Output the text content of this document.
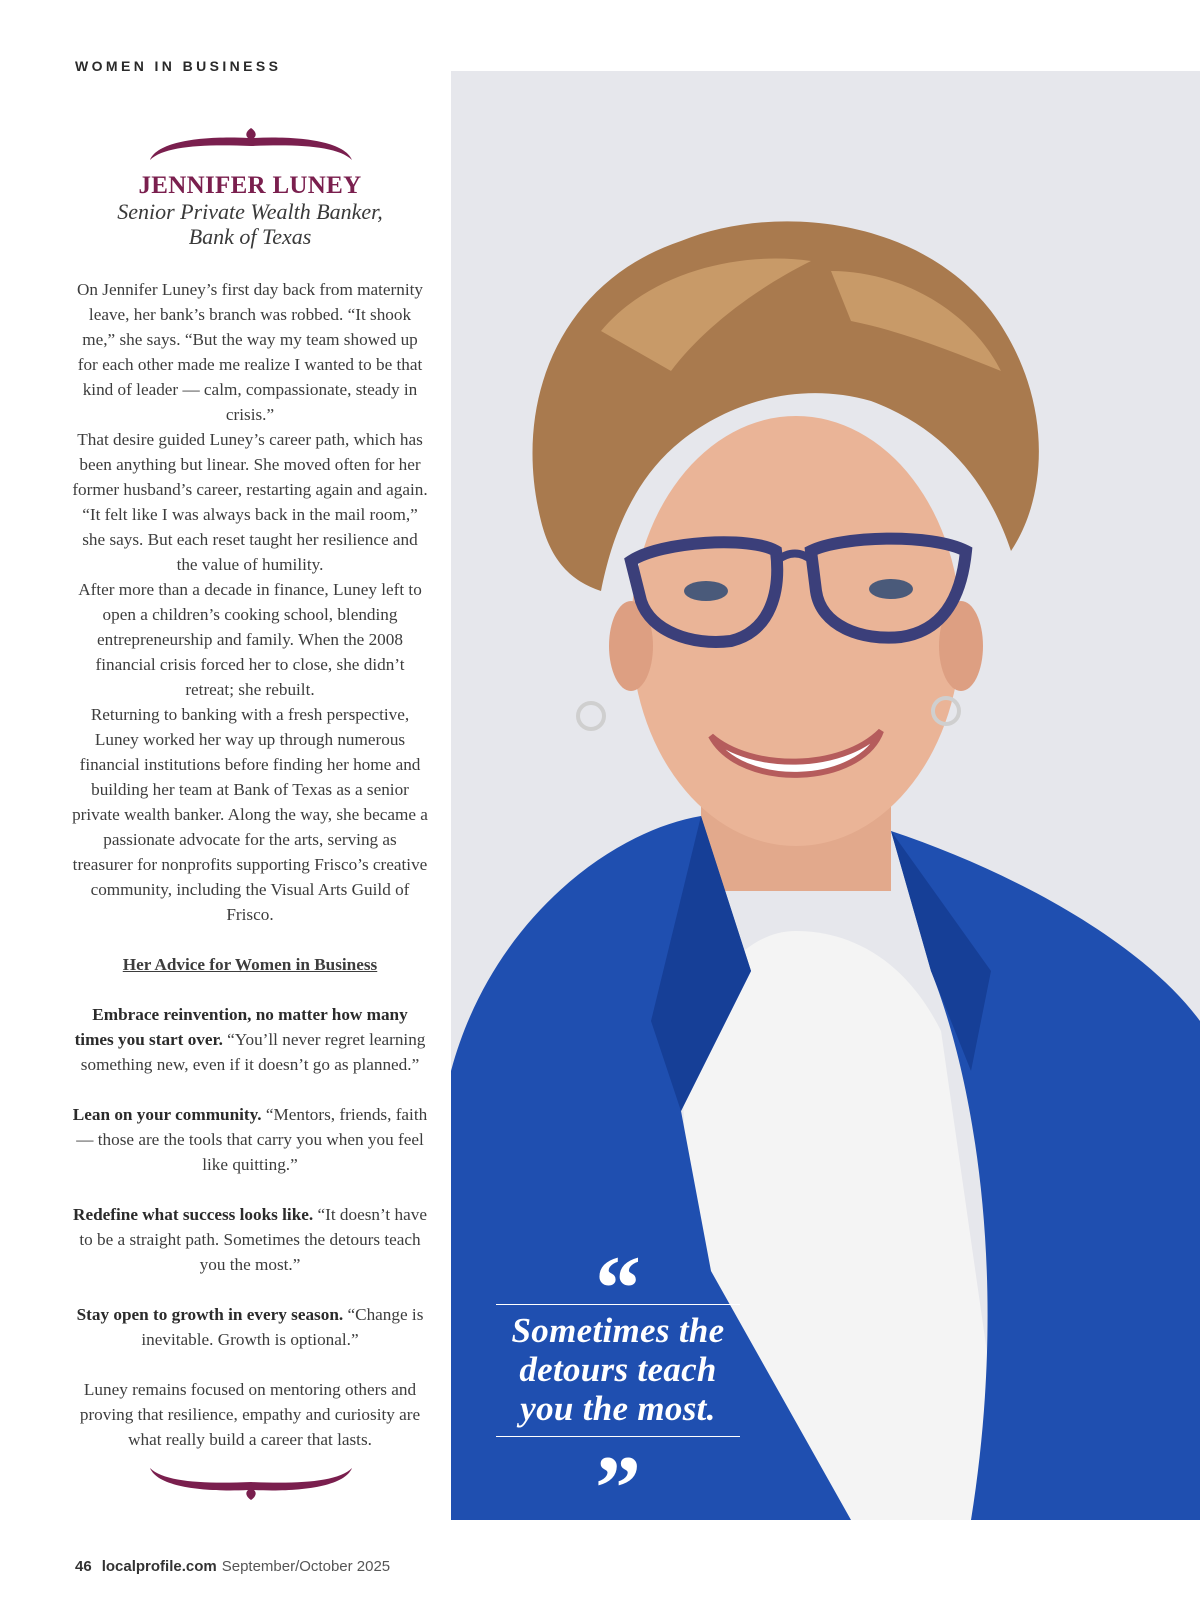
WOMEN IN BUSINESS
JENNIFER LUNEY
Senior Private Wealth Banker,
Bank of Texas

On Jennifer Luney’s first day back from maternity leave, her bank’s branch was robbed. “It shook me,” she says. “But the way my team showed up for each other made me realize I wanted to be that kind of leader — calm, compassionate, steady in crisis.”

That desire guided Luney’s career path, which has been anything but linear. She moved often for her former husband’s career, restarting again and again. “It felt like I was always back in the mail room,” she says. But each reset taught her resilience and the value of humility.

After more than a decade in finance, Luney left to open a children’s cooking school, blending entrepreneurship and family. When the 2008 financial crisis forced her to close, she didn’t retreat; she rebuilt.

Returning to banking with a fresh perspective, Luney worked her way up through numerous financial institutions before finding her home and building her team at Bank of Texas as a senior private wealth banker. Along the way, she became a passionate advocate for the arts, serving as treasurer for nonprofits supporting Frisco’s creative community, including the Visual Arts Guild of Frisco.

Her Advice for Women in Business

Embrace reinvention, no matter how many times you start over. “You’ll never regret learning something new, even if it doesn’t go as planned.”

Lean on your community. “Mentors, friends, faith — those are the tools that carry you when you feel like quitting.”

Redefine what success looks like. “It doesn’t have to be a straight path. Sometimes the detours teach you the most.”

Stay open to growth in every season. “Change is inevitable. Growth is optional.”

Luney remains focused on mentoring others and proving that resilience, empathy and curiosity are what really build a career that lasts.

“
Sometimes the
detours teach
you the most.
”
46 localprofile.com September/October 2025
